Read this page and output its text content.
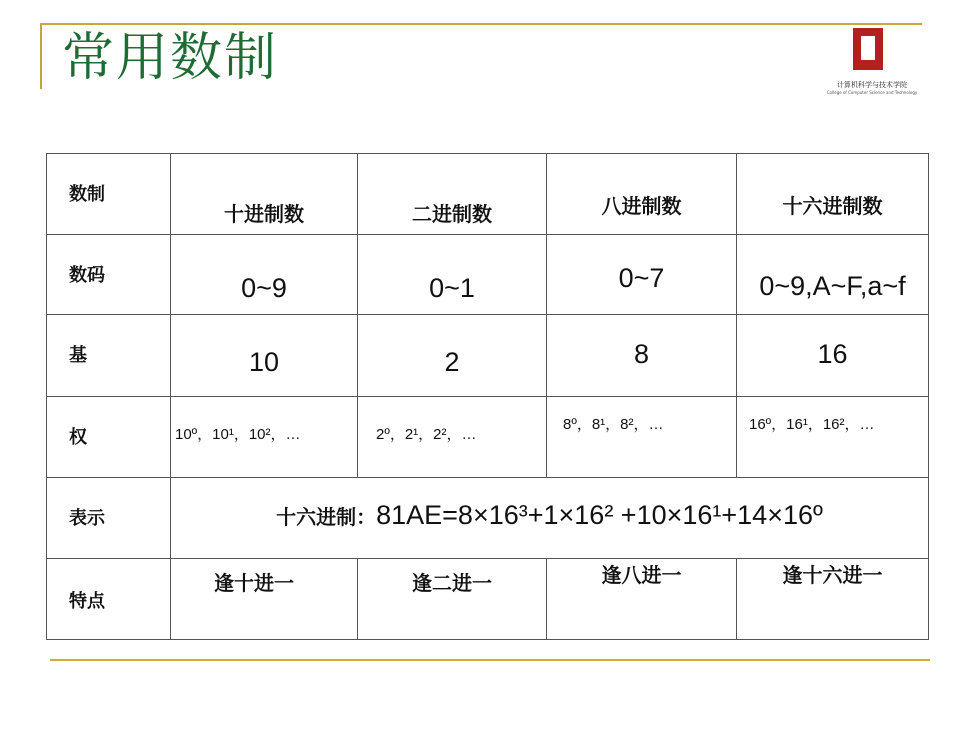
常用数制	计算机科学与技术学院
College of Computer Science and Technology
数制	十进制数	二进制数	八进制数	十六进制数

数码	0~9	0~1	0~7	0~9,A~F,a~f

基	10	2	8	16

权	10º，10¹，10²，…	2º，2¹，2²，…	8º，8¹，8²，…	16º，16¹，16²，…

表示	十六进制：81AE=8×16³+1×16² +10×16¹+14×16º			

特点	逢十进一	逢二进一	逢八进一	逢十六进一
